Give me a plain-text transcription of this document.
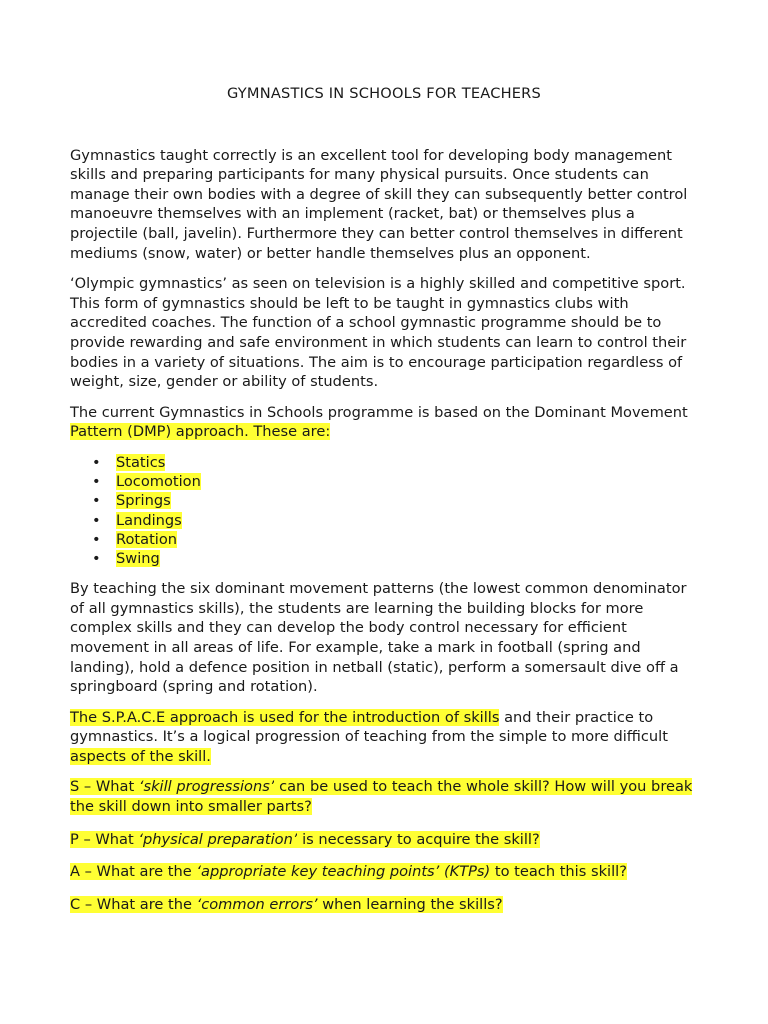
GYMNASTICS IN SCHOOLS FOR TEACHERS

Gymnastics taught correctly is an excellent tool for developing body management skills and preparing participants for many physical pursuits. Once students can manage their own bodies with a degree of skill they can subsequently better control manoeuvre themselves with an implement (racket, bat) or themselves plus a projectile (ball, javelin). Furthermore they can better control themselves in different mediums (snow, water) or better handle themselves plus an opponent.

‘Olympic gymnastics’ as seen on television is a highly skilled and competitive sport. This form of gymnastics should be left to be taught in gymnastics clubs with accredited coaches. The function of a school gymnastic programme should be to provide rewarding and safe environment in which students can learn to control their bodies in a variety of situations. The aim is to encourage participation regardless of weight, size, gender or ability of students.

The current Gymnastics in Schools programme is based on the Dominant Movement Pattern (DMP) approach. These are:

• Statics
• Locomotion
• Springs
• Landings
• Rotation
• Swing

By teaching the six dominant movement patterns (the lowest common denominator of all gymnastics skills), the students are learning the building blocks for more complex skills and they can develop the body control necessary for efficient movement in all areas of life. For example, take a mark in football (spring and landing), hold a defence position in netball (static), perform a somersault dive off a springboard (spring and rotation).

The S.P.A.C.E approach is used for the introduction of skills and their practice to gymnastics. It’s a logical progression of teaching from the simple to more difficult aspects of the skill.

S – What ‘skill progressions’ can be used to teach the whole skill? How will you break the skill down into smaller parts?

P – What ‘physical preparation’ is necessary to acquire the skill?

A – What are the ‘appropriate key teaching points’ (KTPs) to teach this skill?

C – What are the ‘common errors’ when learning the skills?
